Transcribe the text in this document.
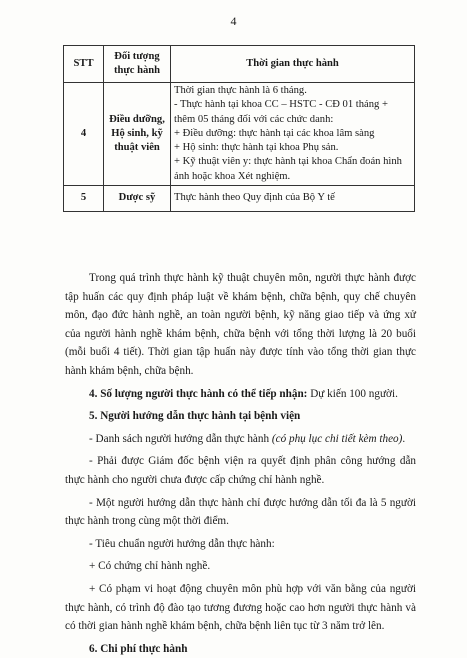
4
STT	Đối tượng thực hành	Thời gian thực hành
4	Điều dưỡng, Hộ sinh, kỹ thuật viên	Thời gian thực hành là 6 tháng.
- Thực hành tại khoa CC – HSTC - CĐ 01 tháng + thêm 05 tháng đối với các chức danh:
+ Điều dưỡng: thực hành tại các khoa lâm sàng
+ Hộ sinh: thực hành tại khoa Phụ sản.
+ Kỹ thuật viên y: thực hành tại khoa Chẩn đoán hình ảnh hoặc khoa Xét nghiệm.

5	Dược sỹ	Thực hành theo Quy định của Bộ Y tế

Trong quá trình thực hành kỹ thuật chuyên môn, người thực hành được tập huấn các quy định pháp luật về khám bệnh, chữa bệnh, quy chế chuyên môn, đạo đức hành nghề, an toàn người bệnh, kỹ năng giao tiếp và ứng xử của người hành nghề khám bệnh, chữa bệnh với tổng thời lượng là 20 buổi (mỗi buổi 4 tiết). Thời gian tập huấn này được tính vào tổng thời gian thực hành khám bệnh, chữa bệnh.

4. Số lượng người thực hành có thể tiếp nhận: Dự kiến 100 người.

5. Người hướng dẫn thực hành tại bệnh viện

- Danh sách người hướng dẫn thực hành (có phụ lục chi tiết kèm theo).

- Phải được Giám đốc bệnh viện ra quyết định phân công hướng dẫn thực hành cho người chưa được cấp chứng chỉ hành nghề.

- Một người hướng dẫn thực hành chỉ được hướng dẫn tối đa là 5 người thực hành trong cùng một thời điểm.

- Tiêu chuẩn người hướng dẫn thực hành:

+ Có chứng chỉ hành nghề.

+ Có phạm vi hoạt động chuyên môn phù hợp với văn bằng của người thực hành, có trình độ đào tạo tương đương hoặc cao hơn người thực hành và có thời gian hành nghề khám bệnh, chữa bệnh liên tục từ 3 năm trở lên.

6. Chi phí thực hành
